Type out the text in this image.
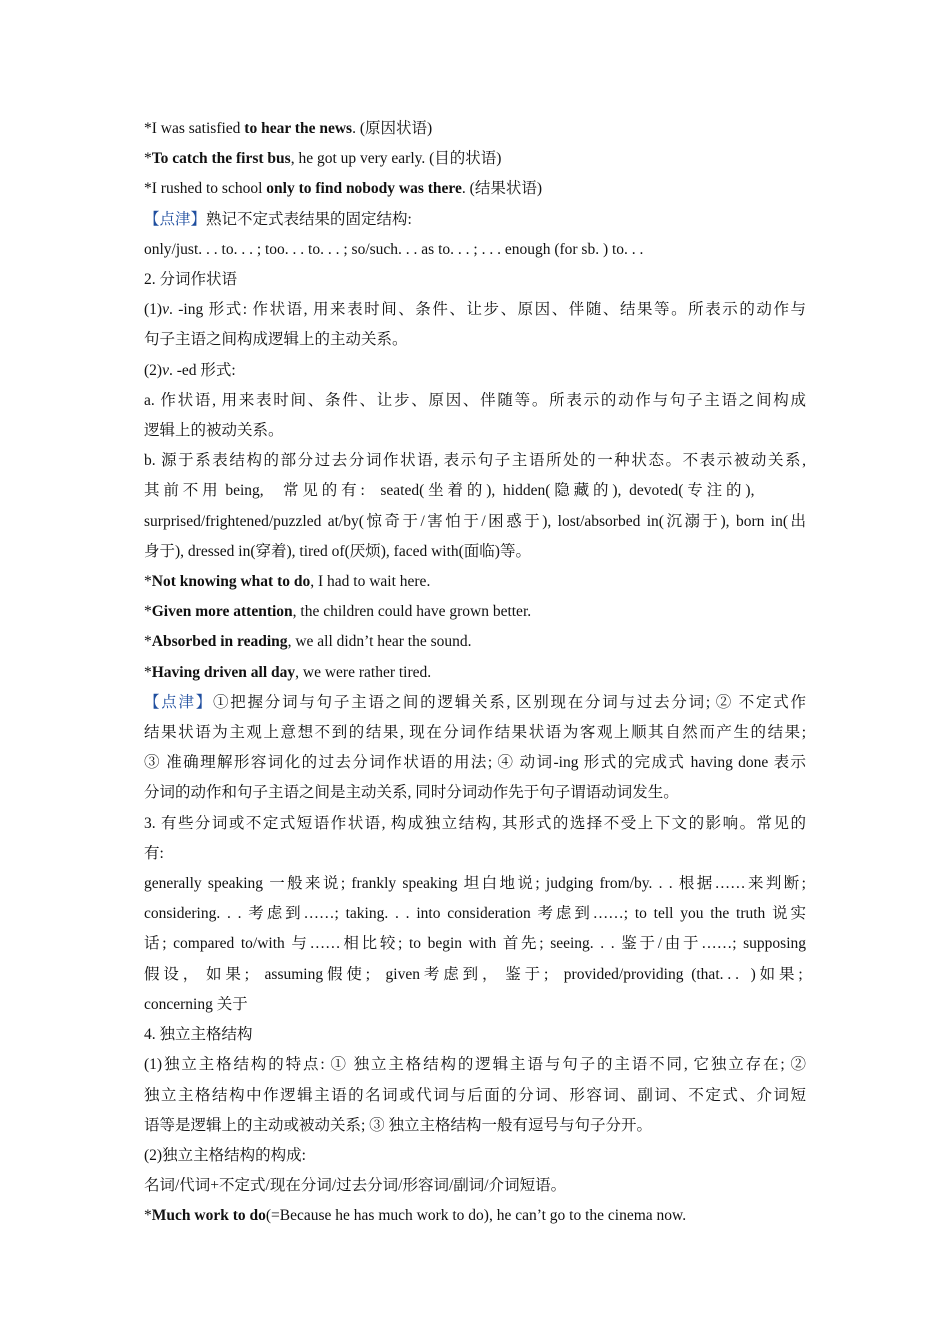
*I was satisfied to hear the news. (原因状语)
*To catch the first bus, he got up very early. (目的状语)
*I rushed to school only to find nobody was there. (结果状语)
【点津】熟记不定式表结果的固定结构:
only/just. . . to. . . ; too. . . to. . . ; so/such. . . as to. . . ; . . . enough (for sb. ) to. . .
2. 分词作状语
(1)v. -ing 形式: 作状语, 用来表时间、条件、让步、原因、伴随、结果等。所表示的动作与
句子主语之间构成逻辑上的主动关系。
(2)v. -ed 形式:
a. 作状语, 用来表时间、条件、让步、原因、伴随等。所表示的动作与句子主语之间构成
逻辑上的被动关系。
b. 源于系表结构的部分过去分词作状语, 表示句子主语所处的一种状态。不表示被动关系,
其 前 不 用  being,     常 见 的 有 :    seated( 坐 着 的 ),  hidden( 隐 藏 的 ),  devoted( 专 注 的 ),
surprised/frightened/puzzled at/by(惊奇于/害怕于/困惑于), lost/absorbed in(沉溺于), born in(出
身于), dressed in(穿着), tired of(厌烦), faced with(面临)等。
*Not knowing what to do, I had to wait here.
*Given more attention, the children could have grown better.
*Absorbed in reading, we all didn’t hear the sound.
*Having driven all day, we were rather tired.
【点津】①把握分词与句子主语之间的逻辑关系, 区别现在分词与过去分词; ② 不定式作
结果状语为主观上意想不到的结果, 现在分词作结果状语为客观上顺其自然而产生的结果;
③ 准确理解形容词化的过去分词作状语的用法; ④ 动词-ing 形式的完成式 having done 表示
分词的动作和句子主语之间是主动关系, 同时分词动作先于句子谓语动词发生。
3. 有些分词或不定式短语作状语, 构成独立结构, 其形式的选择不受上下文的影响。常见的
有:
generally speaking 一般来说; frankly speaking 坦白地说; judging from/by. . . 根据……来判断;
considering. . . 考虑到……; taking. . . into consideration 考虑到……; to tell you the truth 说实
话; compared to/with 与……相比较; to begin with 首先; seeing. . . 鉴于/由于……; supposing
假 设 ，  如 果 ;    assuming 假 使 ;    given 考 虑 到 ，  鉴 于 ;    provided/providing  (that. . .   ) 如 果 ;
concerning 关于
4. 独立主格结构
(1)独立主格结构的特点: ① 独立主格结构的逻辑主语与句子的主语不同, 它独立存在; ②
独立主格结构中作逻辑主语的名词或代词与后面的分词、形容词、副词、不定式、介词短
语等是逻辑上的主动或被动关系; ③ 独立主格结构一般有逗号与句子分开。
(2)独立主格结构的构成:
名词/代词+不定式/现在分词/过去分词/形容词/副词/介词短语。
*Much work to do(=Because he has much work to do), he can’t go to the cinema now.
